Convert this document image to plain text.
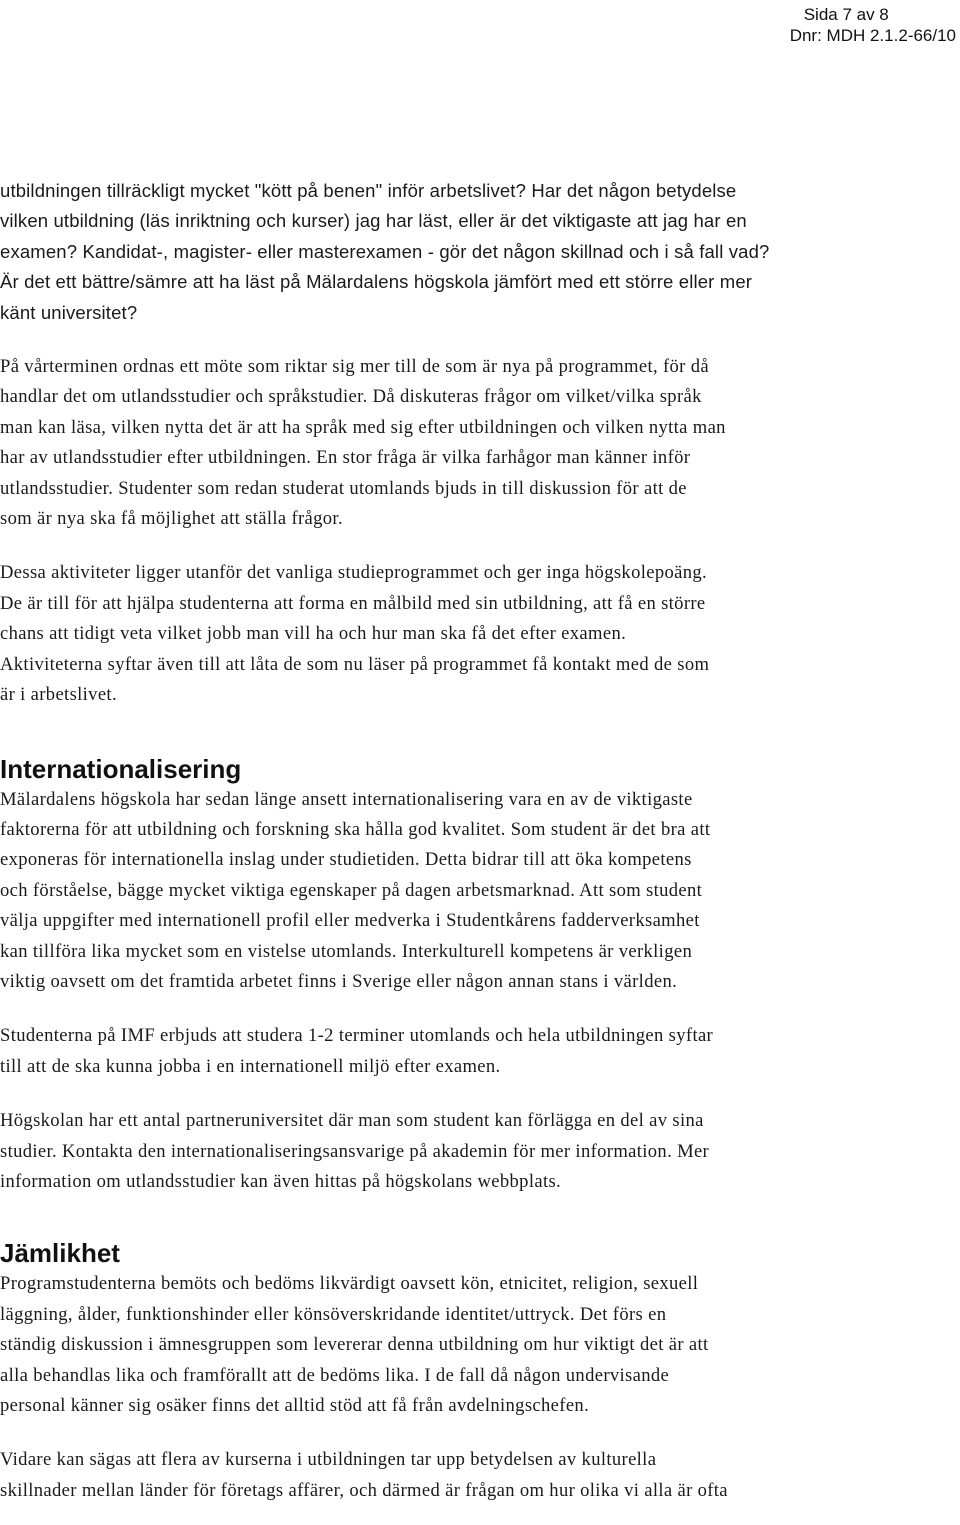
Sida 7 av 8
Dnr: MDH 2.1.2-66/10

utbildningen tillräckligt mycket "kött på benen" inför arbetslivet? Har det någon betydelse
vilken utbildning (läs inriktning och kurser) jag har läst, eller är det viktigaste att jag har en
examen? Kandidat-, magister- eller masterexamen - gör det någon skillnad och i så fall vad?
Är det ett bättre/sämre att ha läst på Mälardalens högskola jämfört med ett större eller mer
känt universitet?

På vårterminen ordnas ett möte som riktar sig mer till de som är nya på programmet, för då
handlar det om utlandsstudier och språkstudier. Då diskuteras frågor om vilket/vilka språk
man kan läsa, vilken nytta det är att ha språk med sig efter utbildningen och vilken nytta man
har av utlandsstudier efter utbildningen. En stor fråga är vilka farhågor man känner inför
utlandsstudier. Studenter som redan studerat utomlands bjuds in till diskussion för att de
som är nya ska få möjlighet att ställa frågor.

Dessa aktiviteter ligger utanför det vanliga studieprogrammet och ger inga högskolepoäng.
De är till för att hjälpa studenterna att forma en målbild med sin utbildning, att få en större
chans att tidigt veta vilket jobb man vill ha och hur man ska få det efter examen.
Aktiviteterna syftar även till att låta de som nu läser på programmet få kontakt med de som
är i arbetslivet.

Internationalisering

Mälardalens högskola har sedan länge ansett internationalisering vara en av de viktigaste
faktorerna för att utbildning och forskning ska hålla god kvalitet. Som student är det bra att
exponeras för internationella inslag under studietiden. Detta bidrar till att öka kompetens
och förståelse, bägge mycket viktiga egenskaper på dagen arbetsmarknad. Att som student
välja uppgifter med internationell profil eller medverka i Studentkårens fadderverksamhet
kan tillföra lika mycket som en vistelse utomlands. Interkulturell kompetens är verkligen
viktig oavsett om det framtida arbetet finns i Sverige eller någon annan stans i världen.

Studenterna på IMF erbjuds att studera 1-2 terminer utomlands och hela utbildningen syftar
till att de ska kunna jobba i en internationell miljö efter examen.

Högskolan har ett antal partneruniversitet där man som student kan förlägga en del av sina
studier. Kontakta den internationaliseringsansvarige på akademin för mer information. Mer
information om utlandsstudier kan även hittas på högskolans webbplats.

Jämlikhet

Programstudenterna bemöts och bedöms likvärdigt oavsett kön, etnicitet, religion, sexuell
läggning, ålder, funktionshinder eller könsöverskridande identitet/uttryck. Det förs en
ständig diskussion i ämnesgruppen som levererar denna utbildning om hur viktigt det är att
alla behandlas lika och framförallt att de bedöms lika. I de fall då någon undervisande
personal känner sig osäker finns det alltid stöd att få från avdelningschefen.

Vidare kan sägas att flera av kurserna i utbildningen tar upp betydelsen av kulturella
skillnader mellan länder för företags affärer, och därmed är frågan om hur olika vi alla är ofta
